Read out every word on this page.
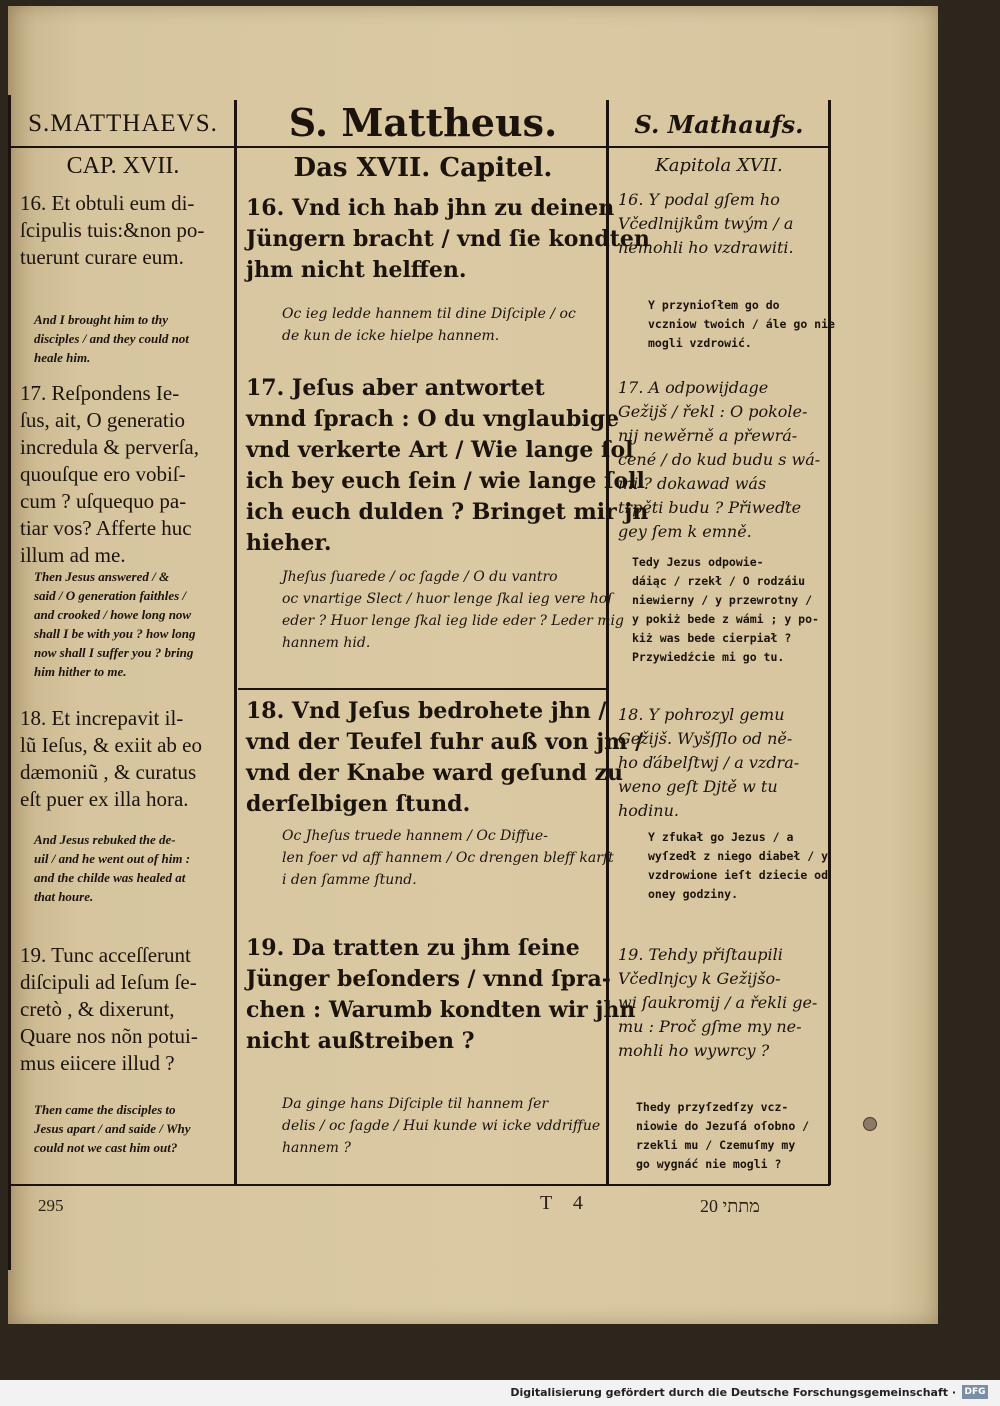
S.MATTHAEVS.	S. Mattheus.	S. Mathaufs.
CAP. XVII.	Das XVII. Capitel.	Kapitola XVII.
16. Et obtuli eum di-
ſcipulis tuis:&non po-
tuerunt curare eum.
And I brought him to thy
disciples / and they could not
heale him.
17. Reſpondens Ie-
ſus, ait, O generatio
incredula & perverſa,
quouſque ero vobiſ-
cum ? uſquequo pa-
tiar vos? Afferte huc
illum ad me.
Then Jesus answered / &
said / O generation faithles /
and crooked / howe long now
shall I be with you ? how long
now shall I suffer you ? bring
him hither to me.
18. Et increpavit il-
lũ Ieſus, & exiit ab eo
dæmoniũ , & curatus
eſt puer ex illa hora.
And Jesus rebuked the de-
uil / and he went out of him :
and the childe was healed at
that houre.
19. Tunc acceſſerunt
diſcipuli ad Ieſum ſe-
cretò , & dixerunt,
Quare nos nõn potui-
mus eiicere illud ?
Then came the disciples to
Jesus apart / and saide / Why
could not we cast him out?
16. Vnd ich hab jhn zu deinen
Jüngern bracht / vnd ſie kondten
jhm nicht helffen.
Oc ieg ledde hannem til dine Diſciple / oc
de kun de icke hielpe hannem.
17. Jeſus aber antwortet
vnnd ſprach : O du vnglaubige
vnd verkerte Art / Wie lange ſol
ich bey euch ſein / wie lange ſoll
ich euch dulden ? Bringet mir jn
hieher.
Jheſus ſuarede / oc ſagde / O du vantro
oc vnartige Slect / huor lenge ſkal ieg vere hoſ
eder ? Huor lenge ſkal ieg lide eder ? Leder mig
hannem hid.
18. Vnd Jeſus bedrohete jhn /
vnd der Teufel fuhr auß von jm /
vnd der Knabe ward geſund zu
derſelbigen ſtund.
Oc Jheſus truede hannem / Oc Diffue-
len foer vd aff hannem / Oc drengen bleff karſt
i den ſamme ſtund.
19. Da tratten zu jhm ſeine
Jünger beſonders / vnnd ſpra-
chen : Warumb kondten wir jhn
nicht außtreiben ?
Da ginge hans Diſciple til hannem ſer
delis / oc ſagde / Hui kunde wi icke vddriffue
hannem ?
16. Y podal gſem ho
Včedlnijkům twým / a
nemohli ho vzdrawiti.
Y przynioſłem go do
vczniow twoich / ále go nie
mogli vzdrowić.
17. A odpowijdage
Gežijš / řekl : O pokole-
nij newěrně a přewrá-
cené / do kud budu s wá-
mi ? dokawad wás
trpěti budu ? Přiweďte
gey ſem k emně.
Tedy Jezus odpowie-
dáiąc / rzekł / O rodzáiu
niewierny / y przewrotny /
y pokiż bede z wámi ; y po-
kiż was bede cierpiał ?
Przywiedźcie mi go tu.
18. Y pohrozyl gemu
Gežijš. Wyšſſlo od ně-
ho ďábelſtwj / a vzdra-
weno geſt Djtě w tu
hodinu.
Y zfukał go Jezus / a
wyſzedł z niego diabeł / y
vzdrowione ieſt dziecie od
oney godziny.
19. Tehdy přiſtaupili
Včedlnjcy k Gežijšo-
wi ſaukromij / a řekli ge-
mu : Proč gſme my ne-
mohli ho wywrcy ?
Thedy przyſzedſzy vcz-
niowie do Jezuſá oſobno /
rzekli mu / Czemuſmy my
go wygnáć nie mogli ?
295	T 4	מתתי 20
Digitalisierung gefördert durch die Deutsche Forschungsgemeinschaft · DFG
